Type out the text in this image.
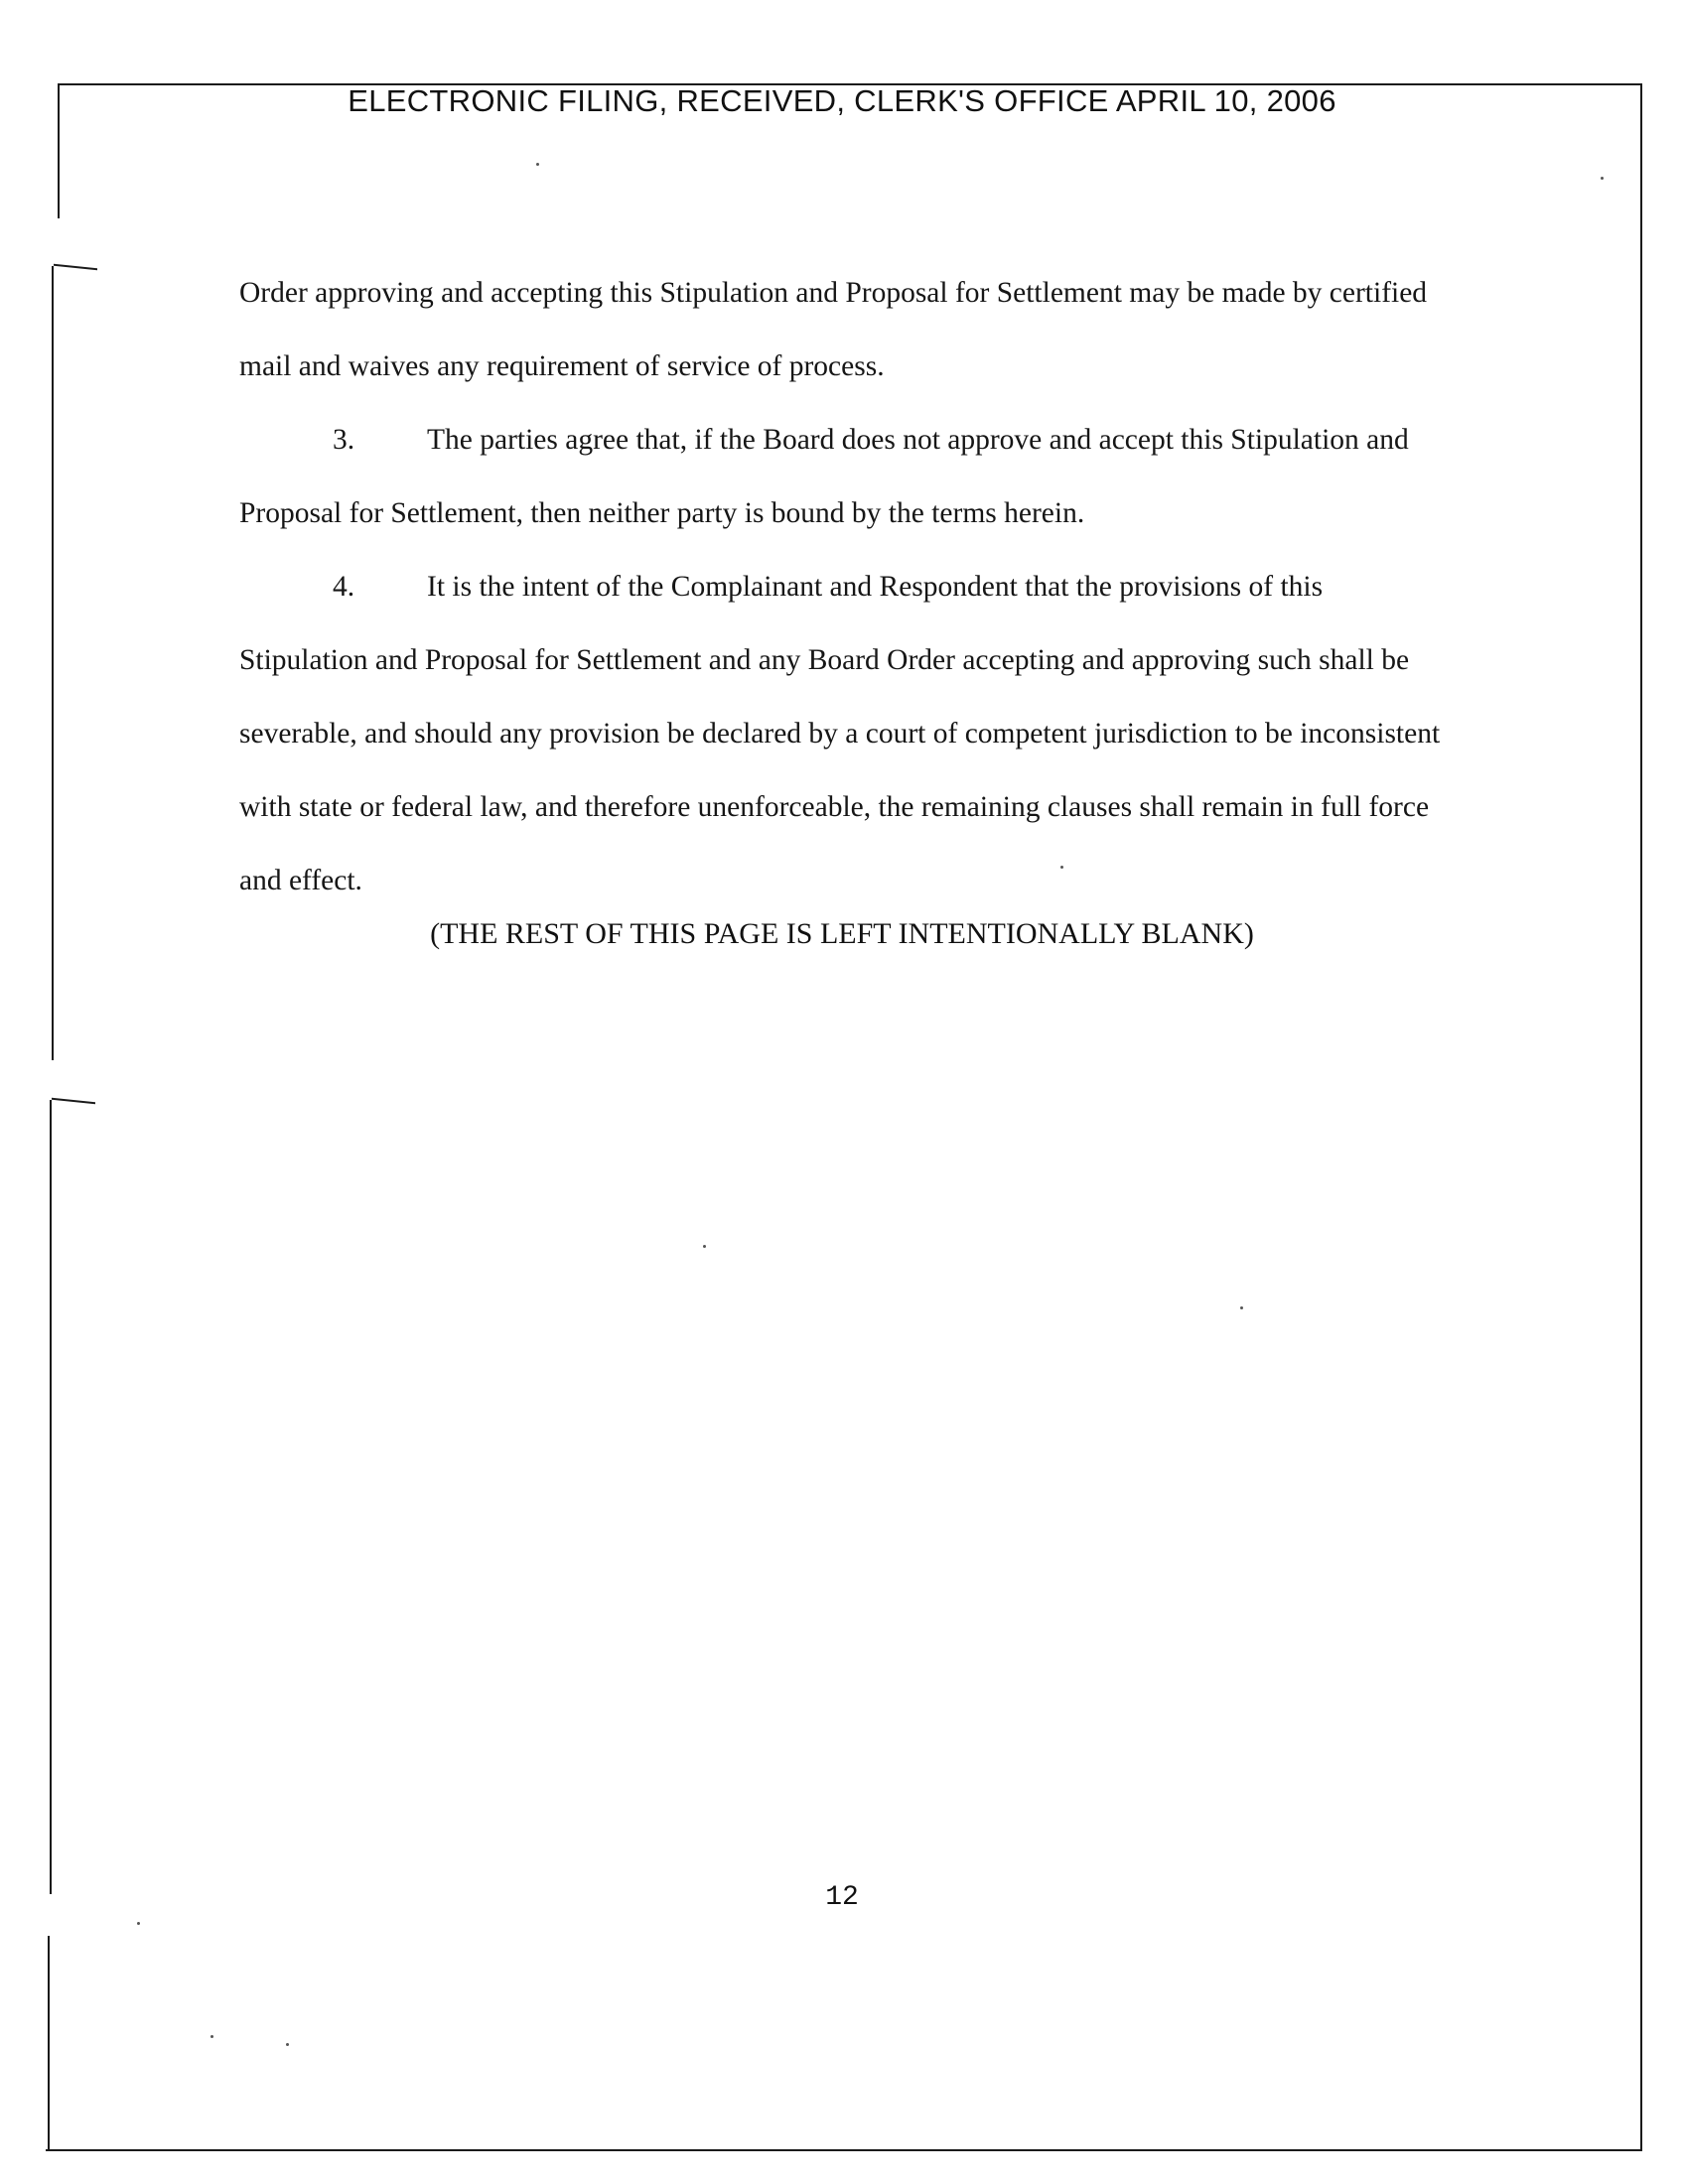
ELECTRONIC FILING, RECEIVED, CLERK'S OFFICE APRIL 10, 2006

Order approving and accepting this Stipulation and Proposal for Settlement may be made by certified mail and waives any requirement of service of process.

3. The parties agree that, if the Board does not approve and accept this Stipulation and Proposal for Settlement, then neither party is bound by the terms herein.

4. It is the intent of the Complainant and Respondent that the provisions of this Stipulation and Proposal for Settlement and any Board Order accepting and approving such shall be severable, and should any provision be declared by a court of competent jurisdiction to be inconsistent with state or federal law, and therefore unenforceable, the remaining clauses shall remain in full force and effect.

(THE REST OF THIS PAGE IS LEFT INTENTIONALLY BLANK)
12
